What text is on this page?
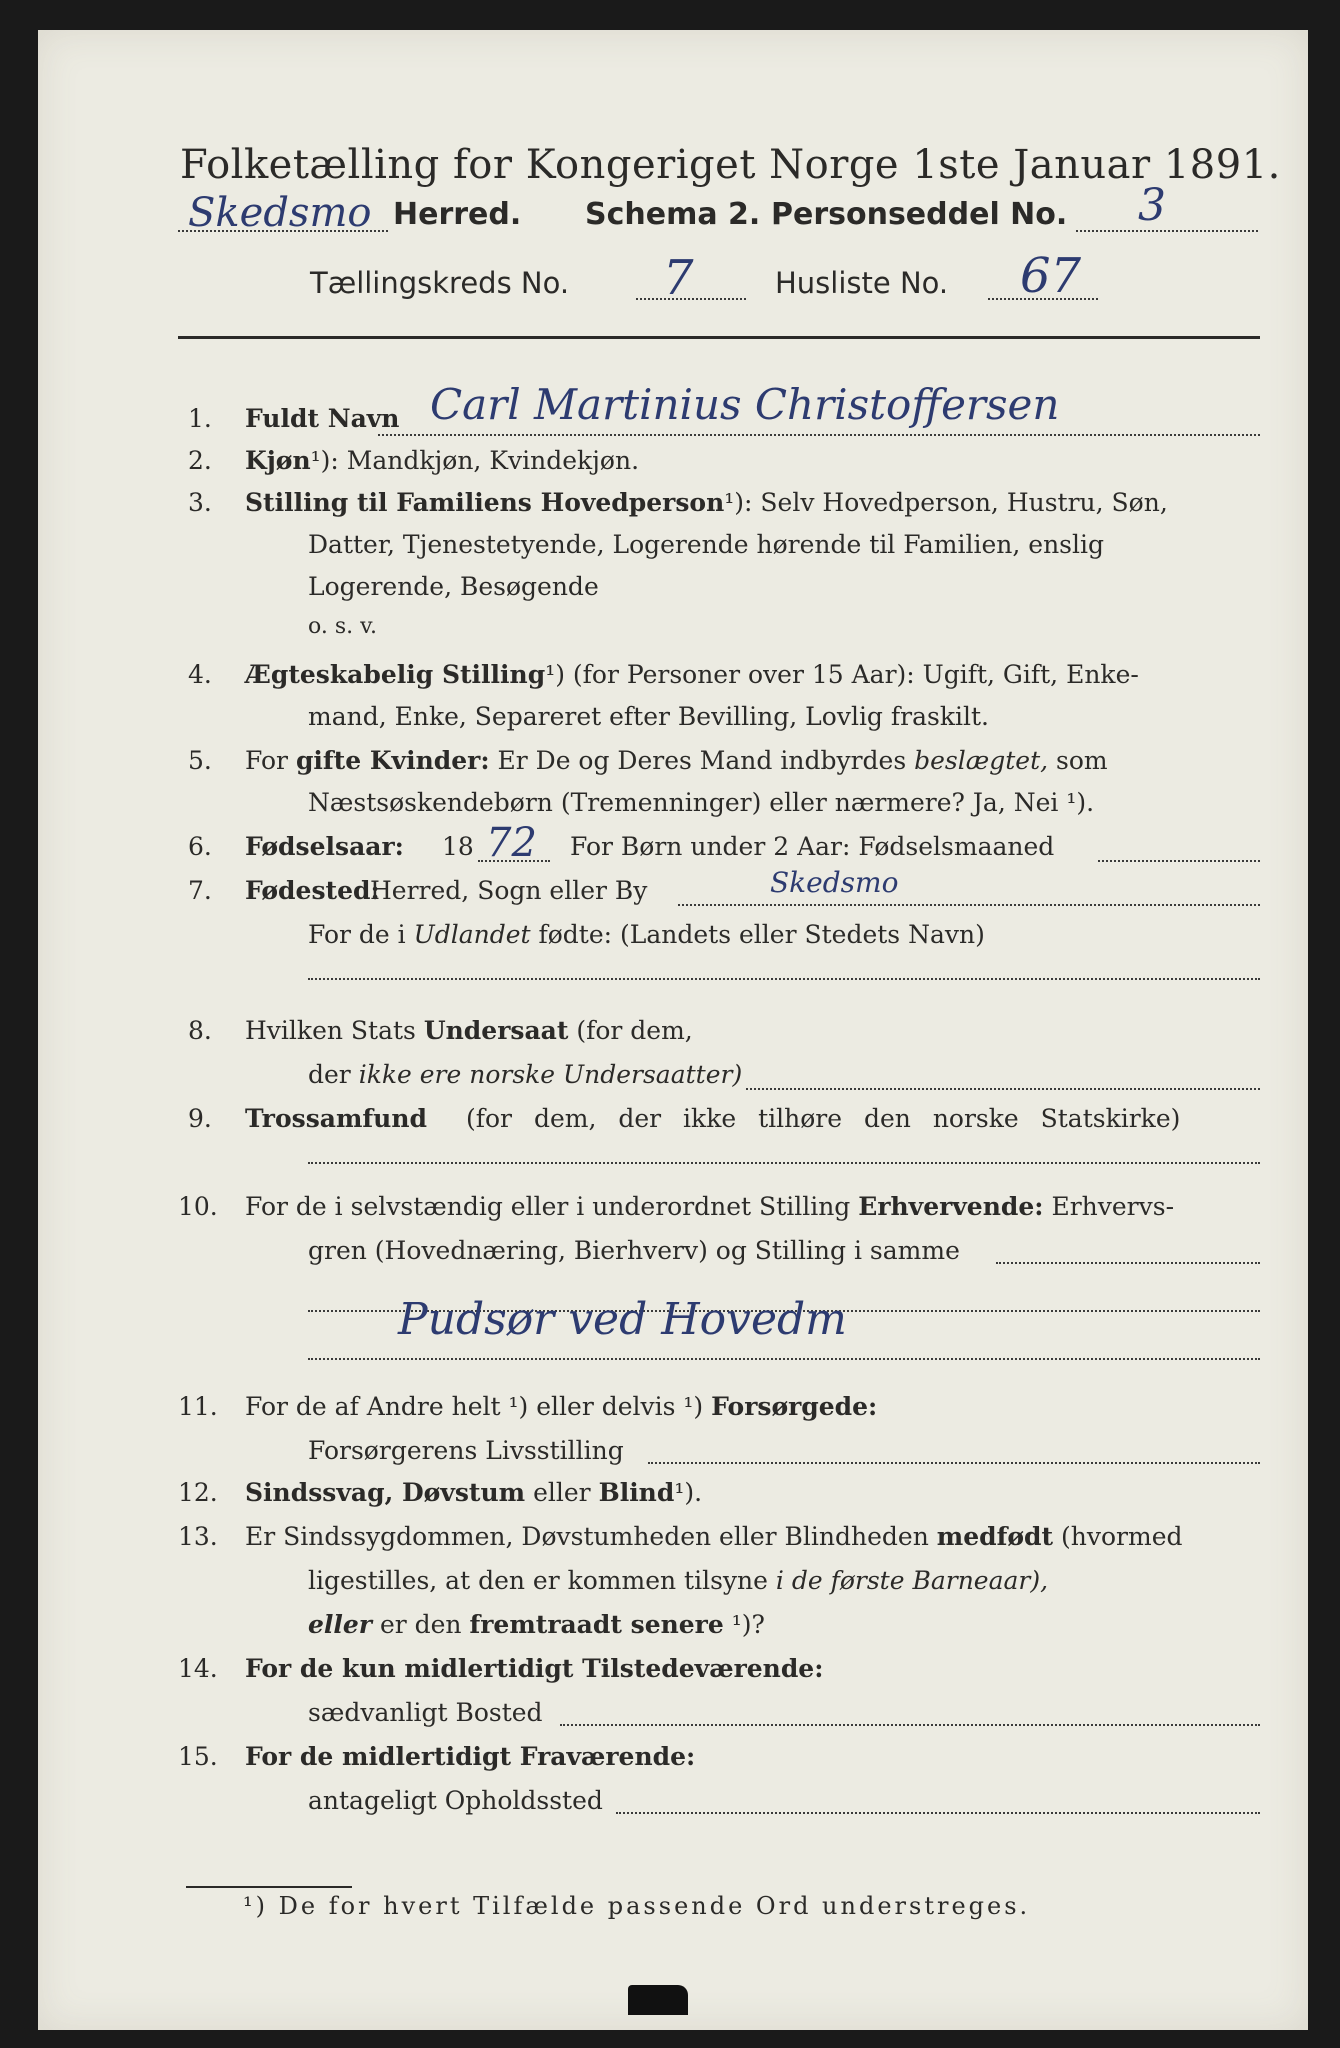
Folketælling for Kongeriget Norge 1ste Januar 1891.
Skedsmo Herred. Schema 2. Personseddel No. 3
Tællingskreds No. 7	Husliste No. 67
1. Fuldt Navn Carl Martinius Christoffersen
2. Kjøn¹): Mandkjøn, Kvindekjøn.
3. Stilling til Familiens Hovedperson¹): Selv Hovedperson, Hustru, Søn,
Datter, Tjenestetyende, Logerende hørende til Familien, enslig
Logerende, Besøgende
o. s. v.
4. Ægteskabelig Stilling¹) (for Personer over 15 Aar): Ugift, Gift, Enke-
mand, Enke, Separeret efter Bevilling, Lovlig fraskilt.
5. For gifte Kvinder: Er De og Deres Mand indbyrdes beslægtet, som
Næstsøskendebørn (Tremenninger) eller nærmere? Ja, Nei ¹).
6. Fødselsaar: 18 72 For Børn under 2 Aar: Fødselsmaaned
7. Fødested:
Herred, Sogn eller By	Skedsmo
For de i Udlandet fødte: (Landets eller Stedets Navn)
8. Hvilken Stats Undersaat (for dem,
der ikke ere norske Undersaatter)
9. Trossamfund (for dem, der ikke tilhøre den norske Statskirke)
10. For de i selvstændig eller i underordnet Stilling Erhvervende: Erhvervs-
gren (Hovednæring, Bierhverv) og Stilling i samme
Pudsør ved Hovedm
11. For de af Andre helt ¹) eller delvis ¹) Forsørgede:
Forsørgerens Livsstilling
12. Sindssvag, Døvstum eller Blind¹).
13. Er Sindssygdommen, Døvstumheden eller Blindheden medfødt (hvormed
ligestilles, at den er kommen tilsyne i de første Barneaar),
eller er den fremtraadt senere ¹)?
14. For de kun midlertidigt Tilstedeværende:
sædvanligt Bosted
15. For de midlertidigt Fraværende:
antageligt Opholdssted
¹) De for hvert Tilfælde passende Ord understreges.
